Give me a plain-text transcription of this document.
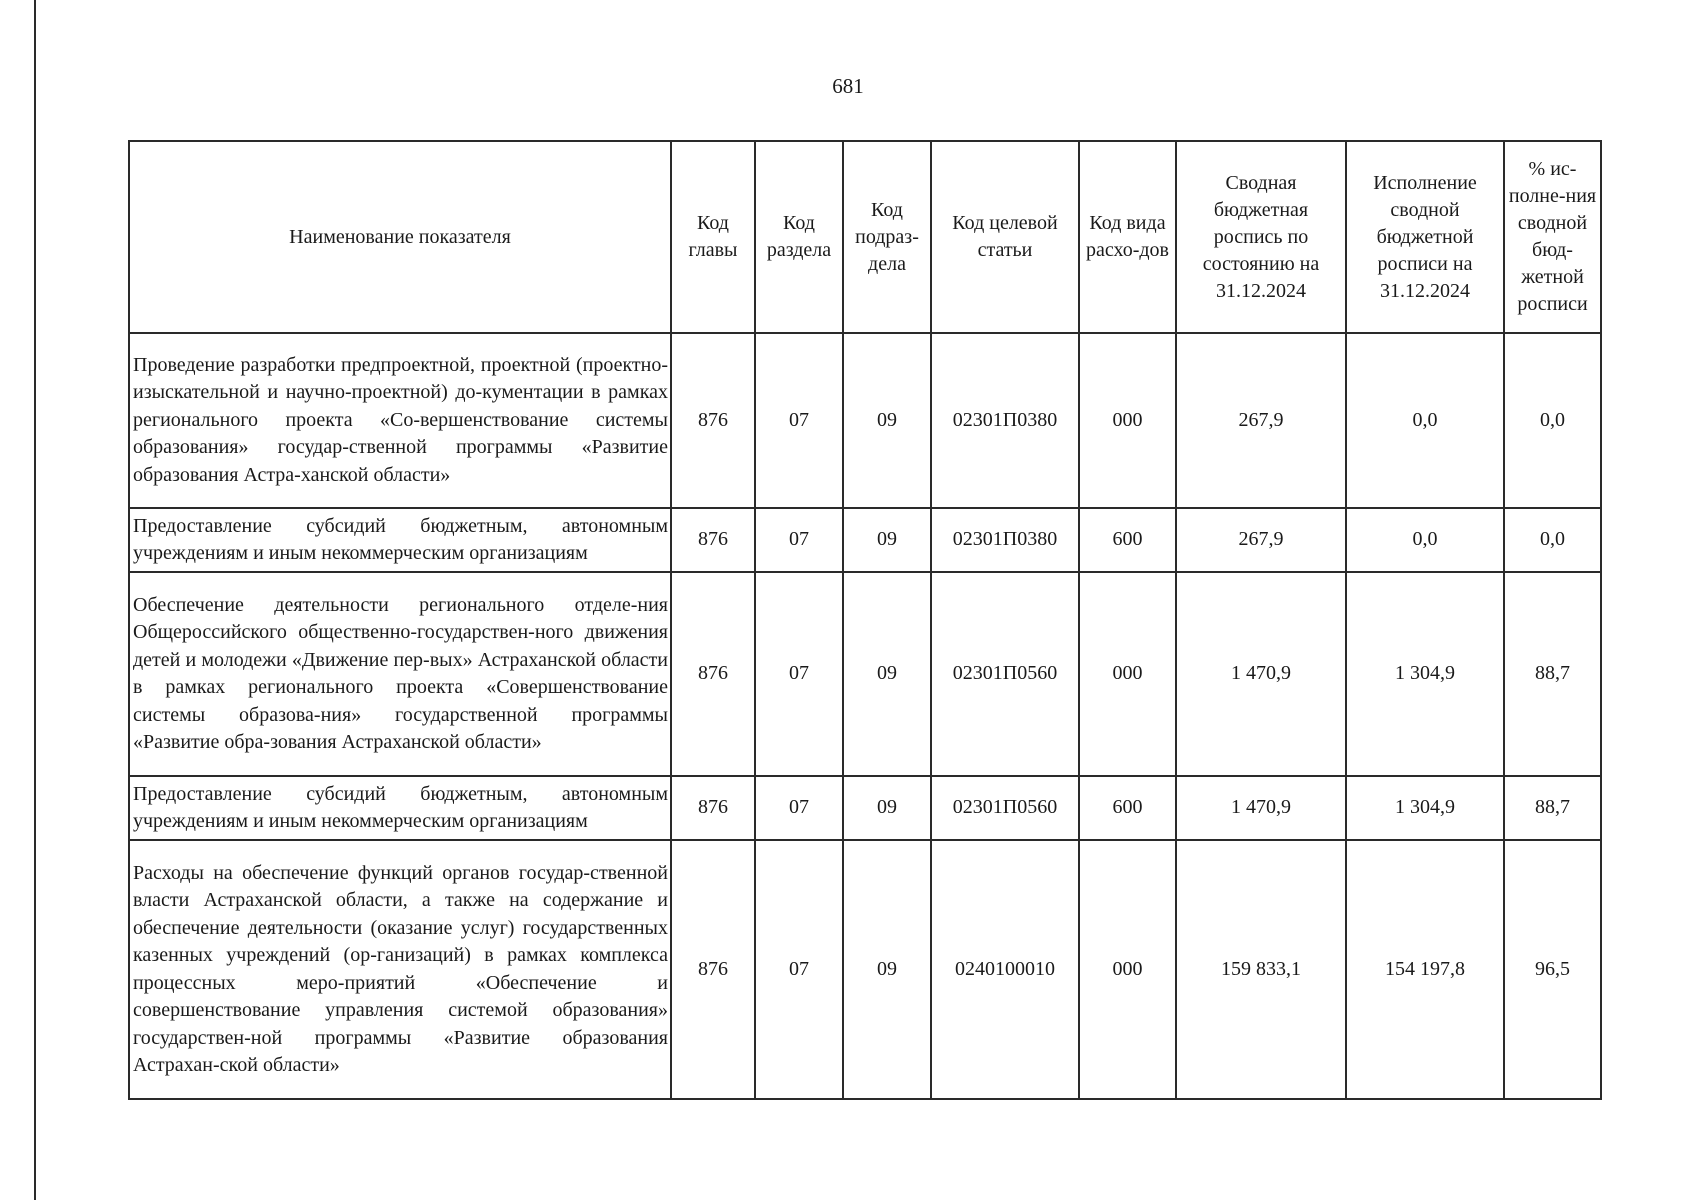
681
Наименование показателя	Код главы	Код раздела	Код подраз-дела	Код целевой статьи	Код вида расхо-дов	Сводная бюджетная роспись по состоянию на 31.12.2024	Исполнение сводной бюджетной росписи на 31.12.2024	% ис-полне-ния сводной бюд-жетной росписи
Проведение разработки предпроектной, проектной (проектно-изыскательной и научно-проектной) до-кументации в рамках регионального проекта «Со-вершенствование системы образования» государ-ственной программы «Развитие образования Астра-ханской области»	876	07	09	02301П0380	000	267,9	0,0	0,0
Предоставление субсидий бюджетным, автономным учреждениям и иным некоммерческим организациям	876	07	09	02301П0380	600	267,9	0,0	0,0
Обеспечение деятельности регионального отделе-ния Общероссийского общественно-государствен-ного движения детей и молодежи «Движение пер-вых» Астраханской области в рамках регионального проекта «Совершенствование системы образова-ния» государственной программы «Развитие обра-зования Астраханской области»	876	07	09	02301П0560	000	1 470,9	1 304,9	88,7
Предоставление субсидий бюджетным, автономным учреждениям и иным некоммерческим организациям	876	07	09	02301П0560	600	1 470,9	1 304,9	88,7
Расходы на обеспечение функций органов государ-ственной власти Астраханской области, а также на содержание и обеспечение деятельности (оказание услуг) государственных казенных учреждений (ор-ганизаций) в рамках комплекса процессных меро-приятий «Обеспечение и совершенствование управления системой образования» государствен-ной программы «Развитие образования Астрахан-ской области»	876	07	09	0240100010	000	159 833,1	154 197,8	96,5
